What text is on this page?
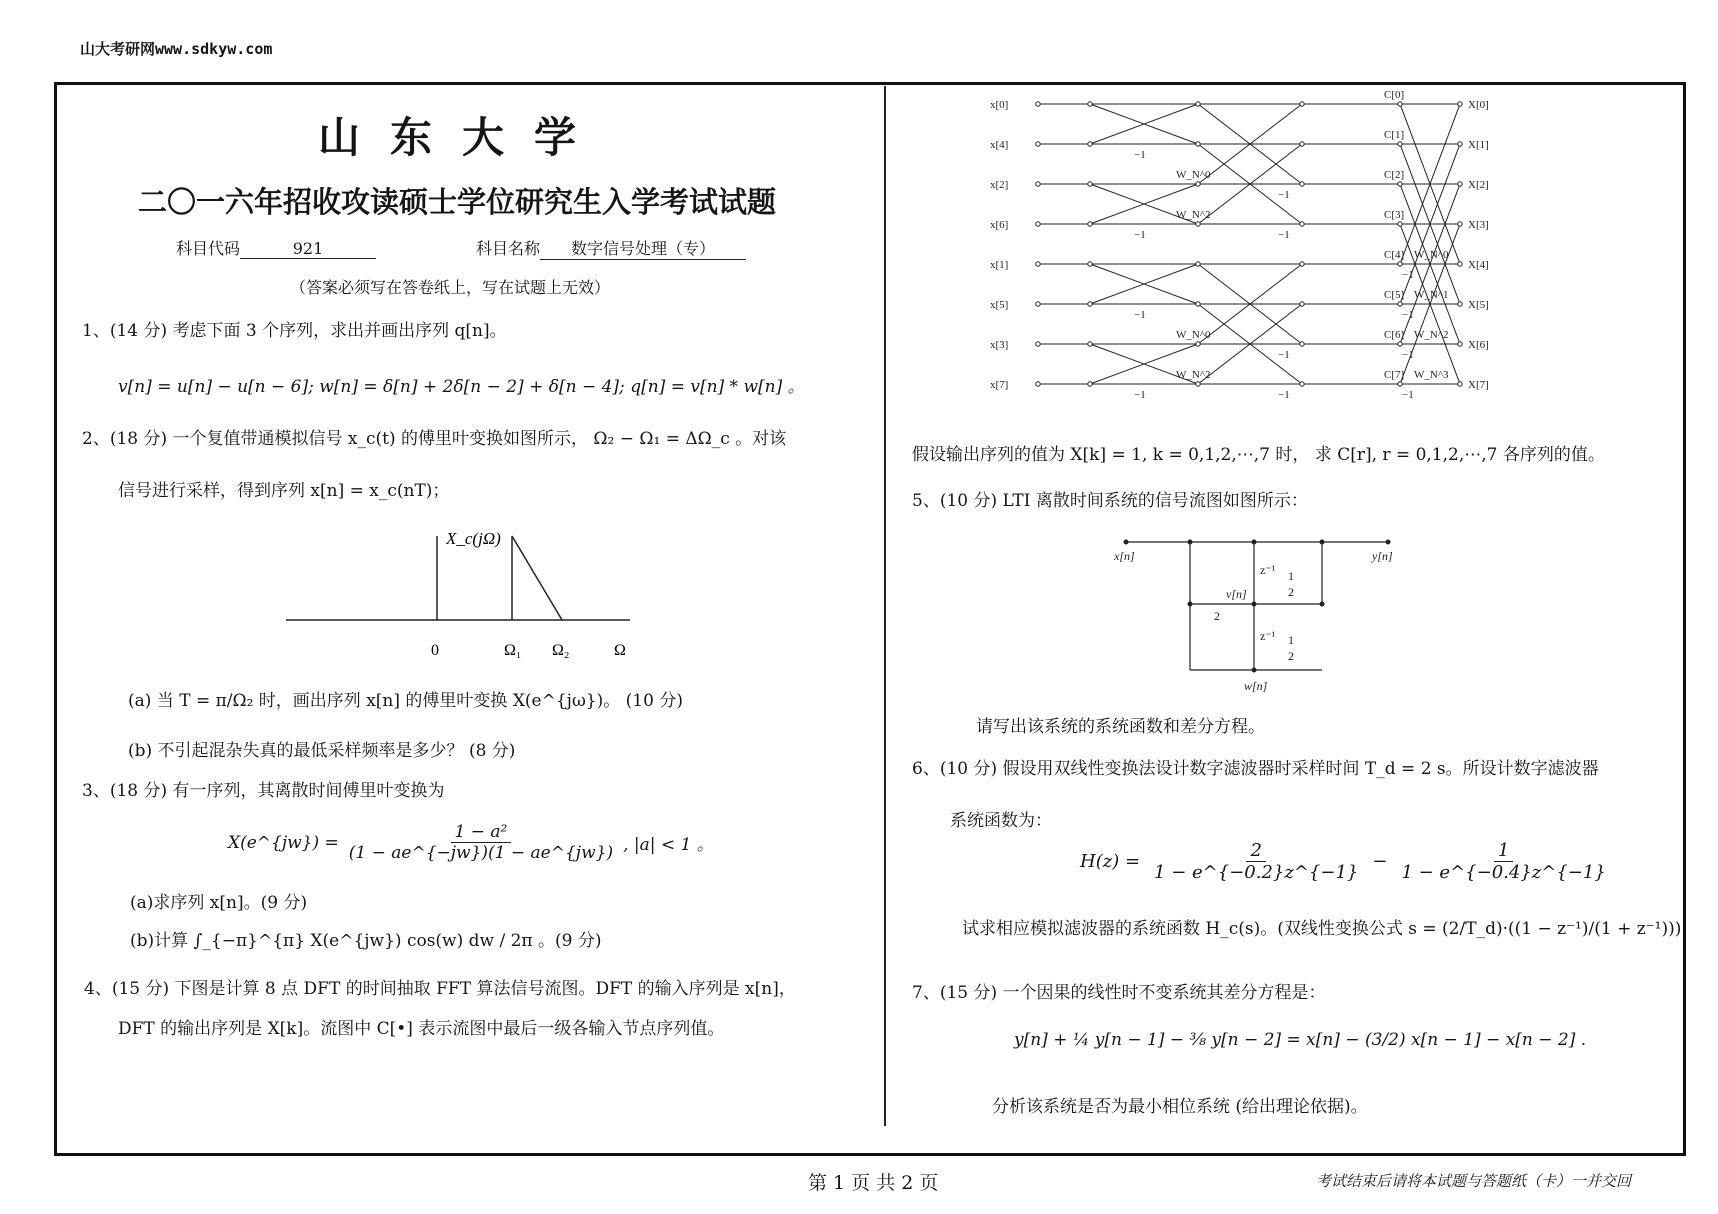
山大考研网www.sdkyw.com
山东大学
二〇一六年招收攻读硕士学位研究生入学考试试题
科目代码	921	科目名称 数字信号处理（专）
（答案必须写在答卷纸上，写在试题上无效）
1、(14 分) 考虑下面 3 个序列，求出并画出序列 q[n]。
v[n] = u[n] − u[n − 6]; w[n] = δ[n] + 2δ[n − 2] + δ[n − 4]; q[n] = v[n] * w[n] 。
2、(18 分) 一个复值带通模拟信号 x_c(t) 的傅里叶变换如图所示， Ω₂ − Ω₁ = ΔΩ_c 。对该
信号进行采样，得到序列 x[n] = x_c(nT)；
X_c(jΩ)
0	Ω₁ Ω₂	Ω
(a) 当 T = π/Ω₂ 时，画出序列 x[n] 的傅里叶变换 X(e^{jω})。 (10 分)
(b) 不引起混杂失真的最低采样频率是多少？ (8 分)
3、(18 分) 有一序列，其离散时间傅里叶变换为
X(e^{jw}) = $\frac{\text{1 − a²}}{(1 - ae\^{}\{-jw\})(1 - ae\^{}\{jw\})}$ , |a| < 1 。
(a)求序列 x[n]。(9 分)
(b)计算 ∫_{−π}^{π} X(e^{jw}) cos(w) dw / 2π 。(9 分)
4、(15 分) 下图是计算 8 点 DFT 的时间抽取 FFT 算法信号流图。DFT 的输入序列是 x[n]，
DFT 的输出序列是 X[k]。流图中 C[•] 表示流图中最后一级各输入节点序列值。
x[0]
x[4]
x[2]
x[6]
x[1]
x[5]
x[3]
x[7]
X[0]
X[1]
X[2]
X[3]
X[4]
X[5]
X[6]
X[7]
C[0]
C[1]
C[2]
C[3]
C[4]
C[5]
C[6]
C[7]
−1
−1
−1
−1
−1
−1
−1
−1
−1
−1
−1
−1
W_N^0
W_N^2
W_N^0
W_N^2
W_N^0
W_N^1
W_N^2
W_N^3
假设输出序列的值为 X[k] = 1, k = 0,1,2,⋯,7 时， 求 C[r], r = 0,1,2,⋯,7 各序列的值。
5、(10 分) LTI 离散时间系统的信号流图如图所示：
x[n]	y[n]
v[n]
w[n]
z⁻¹
z⁻¹
1
2
1
2
2
请写出该系统的系统函数和差分方程。
6、(10 分) 假设用双线性变换法设计数字滤波器时采样时间 T_d = 2 s。所设计数字滤波器
系统函数为：
$H(z) = \frac{2}{1 - e\^{}\{-0.2\}z\^{}\{-1\}} - \frac{1}{1 - e\^{}\{-0.4\}z\^{}\{-1\}}$
试求相应模拟滤波器的系统函数 H_c(s)。(双线性变换公式 s = (2/T_d)·((1 − z⁻¹)/(1 + z⁻¹)))
7、(15 分) 一个因果的线性时不变系统其差分方程是：
y[n] + ¼ y[n − 1] − ⅜ y[n − 2] = x[n] − (3/2) x[n − 1] − x[n − 2] .
分析该系统是否为最小相位系统 (给出理论依据)。
第 1 页 共 2 页	考试结束后请将本试题与答题纸（卡）一并交回
